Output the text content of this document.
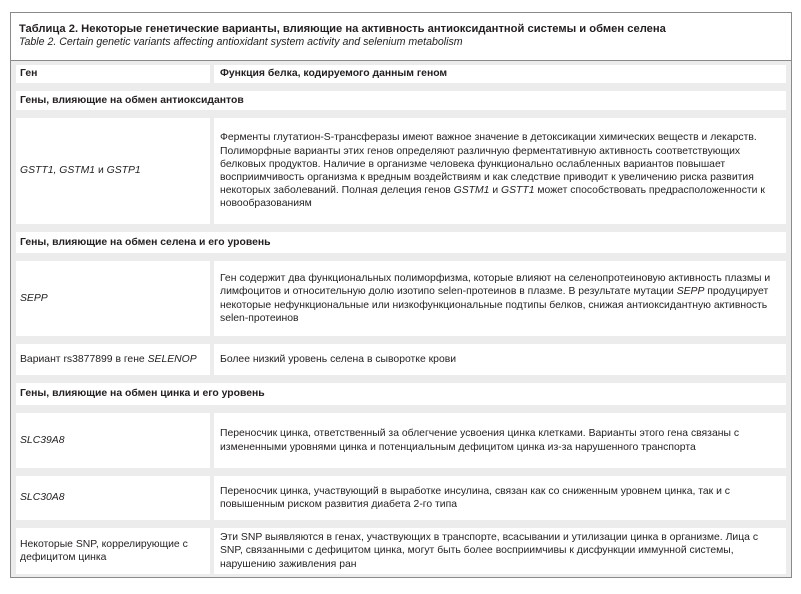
Таблица 2. Некоторые генетические варианты, влияющие на активность антиоксидантной системы и обмен селена
Table 2. Certain genetic variants affecting antioxidant system activity and selenium metabolism
Ген	Функция белка, кодируемого данным геном
Гены, влияющие на обмен антиоксидантов
GSTT1, GSTM1 и GSTP1
Ферменты глутатион-S-трансферазы имеют важное значение в детоксикации химических веществ и лекарств. Полиморфные варианты этих генов определяют различную ферментативную активность соответствующих белковых продуктов. Наличие в организме человека функционально ослабленных вариантов повышает восприимчивость организма к вредным воздействиям и как следствие приводит к увеличению риска развития некоторых заболеваний. Полная делеция генов GSTM1 и GSTT1 может способствовать предрасположенности к новообразованиям
Гены, влияющие на обмен селена и его уровень
SEPP
Ген содержит два функциональных полиморфизма, которые влияют на селенопротеиновую активность плазмы и лимфоцитов и относительную долю изотипо selen-протеинов в плазме. В результате мутации SEPP продуцирует некоторые нефункциональные или низкофункциональные подтипы белков, снижая антиоксидантную активность selen-протеинов
Вариант rs3877899 в гене SELENOP Более низкий уровень селена в сыворотке крови
Гены, влияющие на обмен цинка и его уровень
SLC39A8
Переносчик цинка, ответственный за облегчение усвоения цинка клетками. Варианты этого гена связаны с измененными уровнями цинка и потенциальным дефицитом цинка из-за нарушенного транспорта
SLC30A8
Переносчик цинка, участвующий в выработке инсулина, связан как со сниженным уровнем цинка, так и с повышенным риском развития диабета 2-го типа
Некоторые SNP, коррелирующие с дефицитом цинка
Эти SNP выявляются в генах, участвующих в транспорте, всасывании и утилизации цинка в организме. Лица с SNP, связанными с дефицитом цинка, могут быть более восприимчивы к дисфункции иммунной системы, нарушению заживления ран
